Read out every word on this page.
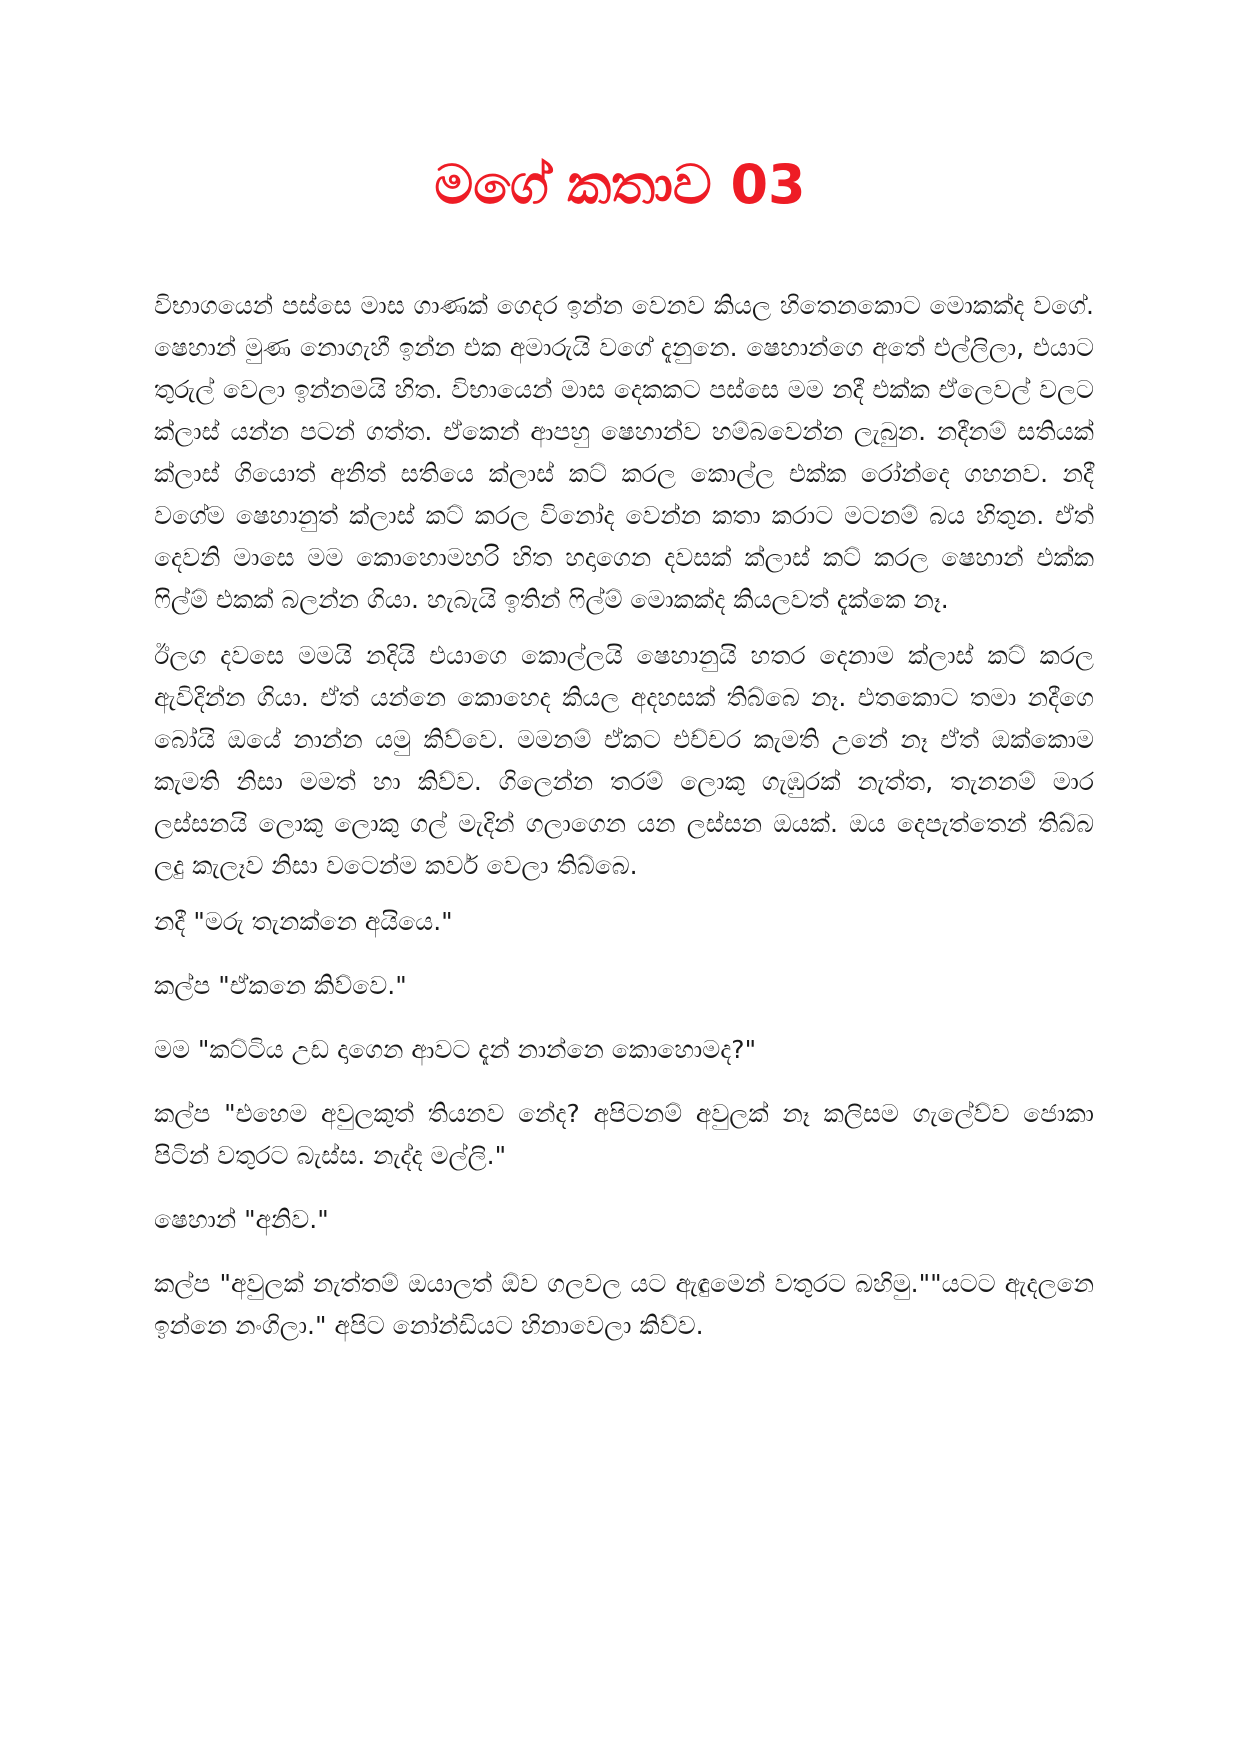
මගේ කතාව 03

විභාගයෙන් පස්සෙ මාස ගාණක් ගෙදර ඉන්න වෙනව කියල හිතෙනකොට මොකක්ද වගේ. ෂෙහාන් මුණ නොගැහී ඉන්න එක අමාරුයි වගේ දැනුනෙ. ෂෙහාන්ගෙ අතේ එල්ලිලා, එයාට තුරුල් වෙලා ඉන්නමයි හිත. විභායෙන් මාස දෙකකට පස්සෙ මම නදී එක්ක ඒලෙවල් වලට ක්ලාස් යන්න පටන් ගත්ත. ඒකෙන් ආපහු ෂෙහාන්ව හම්බවෙන්න ලැබුන. නදීනම් සතියක් ක්ලාස් ගියොත් අනිත් සතියෙ ක්ලාස් කට් කරල කොල්ල එක්ක රෝන්දෙ ගහනව. නදී වගේම ෂෙහානුත් ක්ලාස් කට් කරල විනෝද වෙන්න කතා කරාට මටනම් බය හිතුන. ඒත් දෙවනි මාසෙ මම කොහොමහරි හිත හදාගෙන දවසක් ක්ලාස් කට් කරල ෂෙහාන් එක්ක ෆිල්ම් එකක් බලන්න ගියා. හැබැයි ඉතින් ෆිල්ම් මොකක්ද කියලවත් දැක්කෙ නෑ.

ඊලග දවසෙ මමයි නදියි එයාගෙ කොල්ලයි ෂෙහානුයි හතර දෙනාම ක්ලාස් කට් කරල ඇවිදින්න ගියා. ඒත් යන්නෙ කොහෙද කියල අදහසක් තිබ්බෙ නෑ. එතකොට තමා නදීගෙ බෝයි ඔයේ නාන්න යමු කිව්වෙ. මමනම් ඒකට එච්චර කැමති උනේ නෑ ඒත් ඔක්කොම කැමති නිසා මමත් හා කිව්ව. ගිලෙන්න තරම් ලොකු ගැඹුරක් නැත්ත, තැනනම් මාර ලස්සනයි ලොකු ලොකු ගල් මැදින් ගලාගෙන යන ලස්සන ඔයක්. ඔය දෙපැත්තෙන් තිබ්බ ලදු කැලෑව නිසා වටෙන්ම කවර් වෙලා තිබ්බෙ.

නදී "මරු තැනක්නෙ අයියෙ."

කල්ප "ඒකනෙ කිව්වෙ."

මම "කට්ටිය උඩ දාගෙන ආවට දැන් නාන්නෙ කොහොමද?"

කල්ප "එහෙම අවුලකුත් තියනව නේද? අපිටනම් අවුලක් නෑ කලිසම ගැලේව්ව ජොකා පිටින් වතුරට බැස්ස. නැද්ද මල්ලි."

ෂෙහාන් "අනිව."

කල්ප "අවුලක් නැත්තම් ඔයාලත් ඕව ගලවල යට ඇඳුමෙන් වතුරට බහිමු.""යටට ඇදලනෙ ඉන්නෙ නංගිලා." අපිට නෝන්ඩියට හිනාවෙලා කිව්ව.
